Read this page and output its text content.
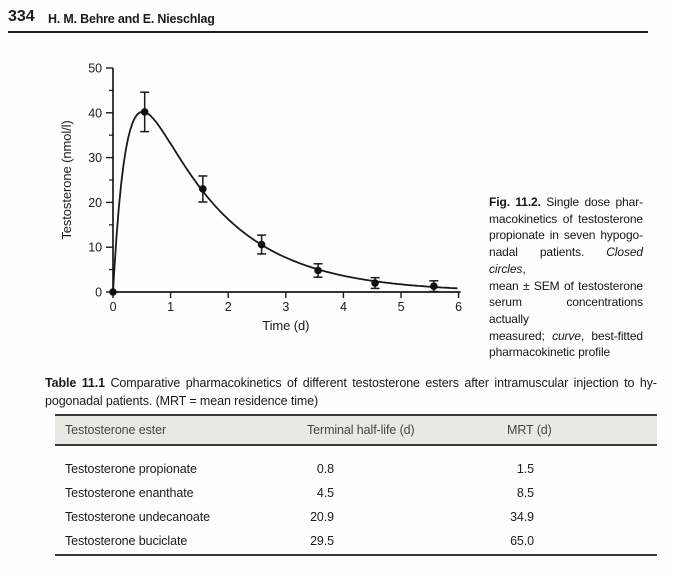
334 H. M. Behre and E. Nieschlag
0	1	2	3	4	5	6
0
10
20
30
40
50
Time (d)
Testosterone (nmol/l)	Fig. 11.2. Single dose phar-
macokinetics of testosterone
propionate in seven hypogo-
nadal patients. Closed circles,
mean ± SEM of testosterone
serum concentrations actually
measured; curve, best-fitted
pharmacokinetic profile
Table 11.1 Comparative pharmacokinetics of different testosterone esters after intramuscular injection to hy-
pogonadal patients. (MRT = mean residence time)
Testosterone ester	Terminal half-life (d)	MRT (d)
Testosterone propionate	0.8	1.5
Testosterone enanthate	4.5	8.5
Testosterone undecanoate	20.9	34.9
Testosterone buciclate	29.5	65.0
